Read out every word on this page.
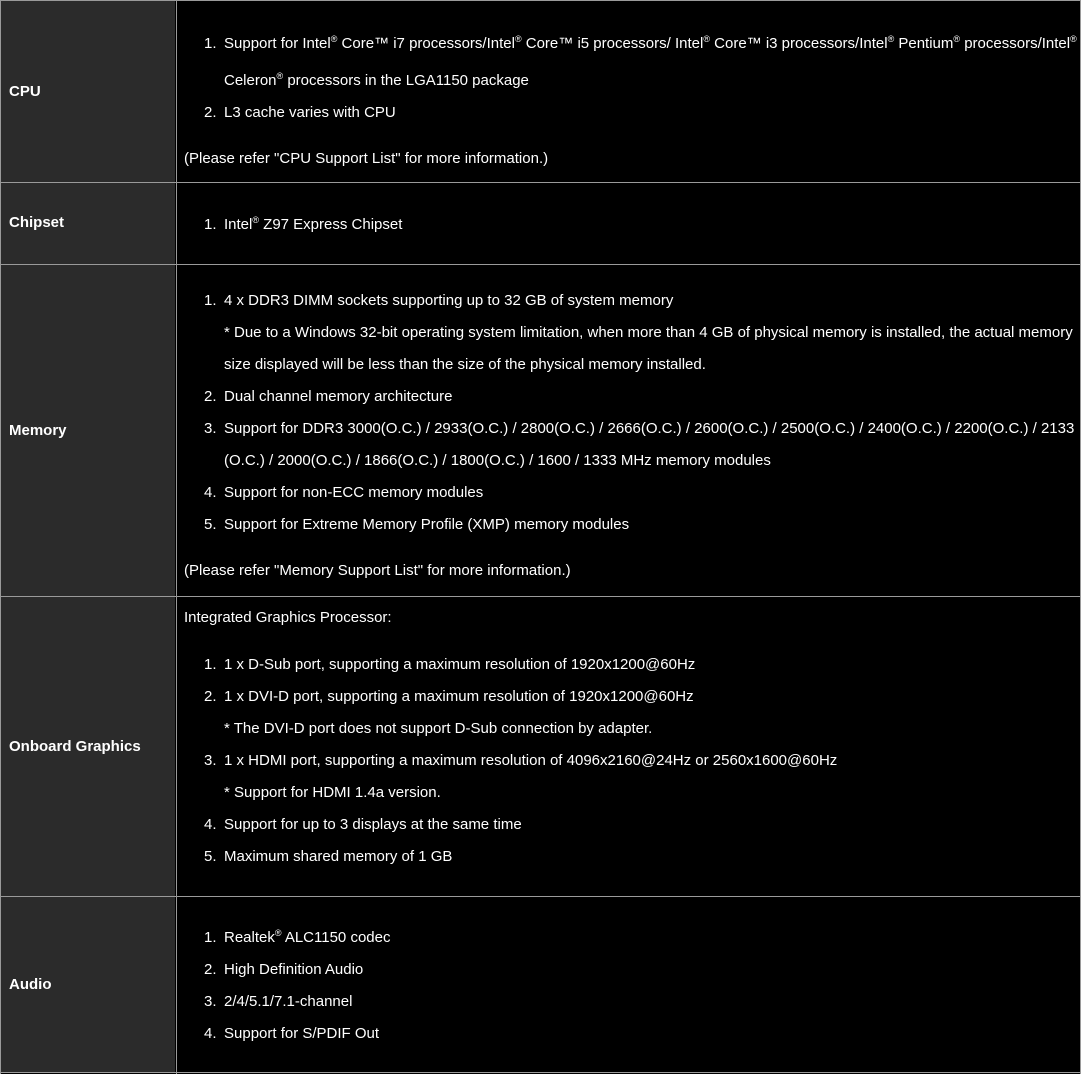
CPU
1. Support for Intel® Core™ i7 processors/Intel® Core™ i5 processors/ Intel® Core™ i3 processors/Intel® Pentium® processors/Intel®
Celeron® processors in the LGA1150 package
2. L3 cache varies with CPU
(Please refer "CPU Support List" for more information.)
Chipset	1. Intel® Z97 Express Chipset
Memory
1. 4 x DDR3 DIMM sockets supporting up to 32 GB of system memory
* Due to a Windows 32-bit operating system limitation, when more than 4 GB of physical memory is installed, the actual memory
size displayed will be less than the size of the physical memory installed.
2. Dual channel memory architecture
3. Support for DDR3 3000(O.C.) / 2933(O.C.) / 2800(O.C.) / 2666(O.C.) / 2600(O.C.) / 2500(O.C.) / 2400(O.C.) / 2200(O.C.) / 2133
(O.C.) / 2000(O.C.) / 1866(O.C.) / 1800(O.C.) / 1600 / 1333 MHz memory modules
4. Support for non-ECC memory modules
5. Support for Extreme Memory Profile (XMP) memory modules
(Please refer "Memory Support List" for more information.)
Onboard Graphics
Integrated Graphics Processor:
1. 1 x D-Sub port, supporting a maximum resolution of 1920x1200@60Hz
2. 1 x DVI-D port, supporting a maximum resolution of 1920x1200@60Hz
* The DVI-D port does not support D-Sub connection by adapter.
3. 1 x HDMI port, supporting a maximum resolution of 4096x2160@24Hz or 2560x1600@60Hz
* Support for HDMI 1.4a version.
4. Support for up to 3 displays at the same time
5. Maximum shared memory of 1 GB
Audio
1. Realtek® ALC1150 codec
2. High Definition Audio
3. 2/4/5.1/7.1-channel
4. Support for S/PDIF Out
